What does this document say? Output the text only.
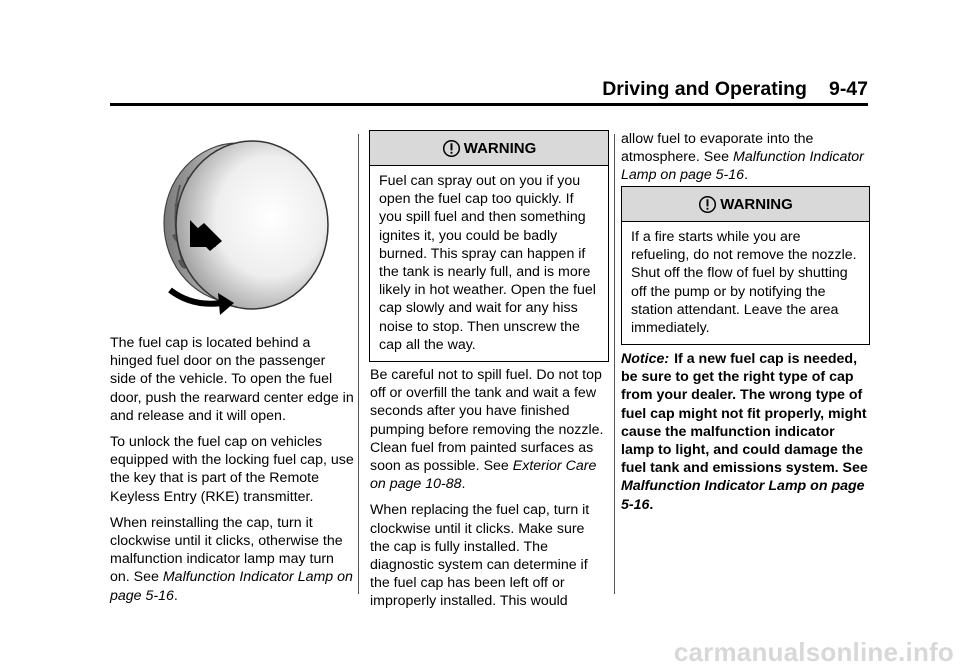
Driving and Operating 9-47

The fuel cap is located behind a hinged fuel door on the passenger side of the vehicle. To open the fuel door, push the rearward center edge in and release and it will open.

To unlock the fuel cap on vehicles equipped with the locking fuel cap, use the key that is part of the Remote Keyless Entry (RKE) transmitter.

When reinstalling the cap, turn it clockwise until it clicks, otherwise the malfunction indicator lamp may turn on. See Malfunction Indicator Lamp on page 5-16.

WARNING
Fuel can spray out on you if you open the fuel cap too quickly. If you spill fuel and then something ignites it, you could be badly burned. This spray can happen if the tank is nearly full, and is more likely in hot weather. Open the fuel cap slowly and wait for any hiss noise to stop. Then unscrew the cap all the way.

Be careful not to spill fuel. Do not top off or overfill the tank and wait a few seconds after you have finished pumping before removing the nozzle. Clean fuel from painted surfaces as soon as possible. See Exterior Care on page 10-88.

When replacing the fuel cap, turn it clockwise until it clicks. Make sure the cap is fully installed. The diagnostic system can determine if the fuel cap has been left off or improperly installed. This would

allow fuel to evaporate into the atmosphere. See Malfunction Indicator Lamp on page 5-16.

WARNING
If a fire starts while you are refueling, do not remove the nozzle. Shut off the flow of fuel by shutting off the pump or by notifying the station attendant. Leave the area immediately.

Notice: If a new fuel cap is needed, be sure to get the right type of cap from your dealer. The wrong type of fuel cap might not fit properly, might cause the malfunction indicator lamp to light, and could damage the fuel tank and emissions system. See Malfunction Indicator Lamp on page 5-16.

carmanualsonline.info
